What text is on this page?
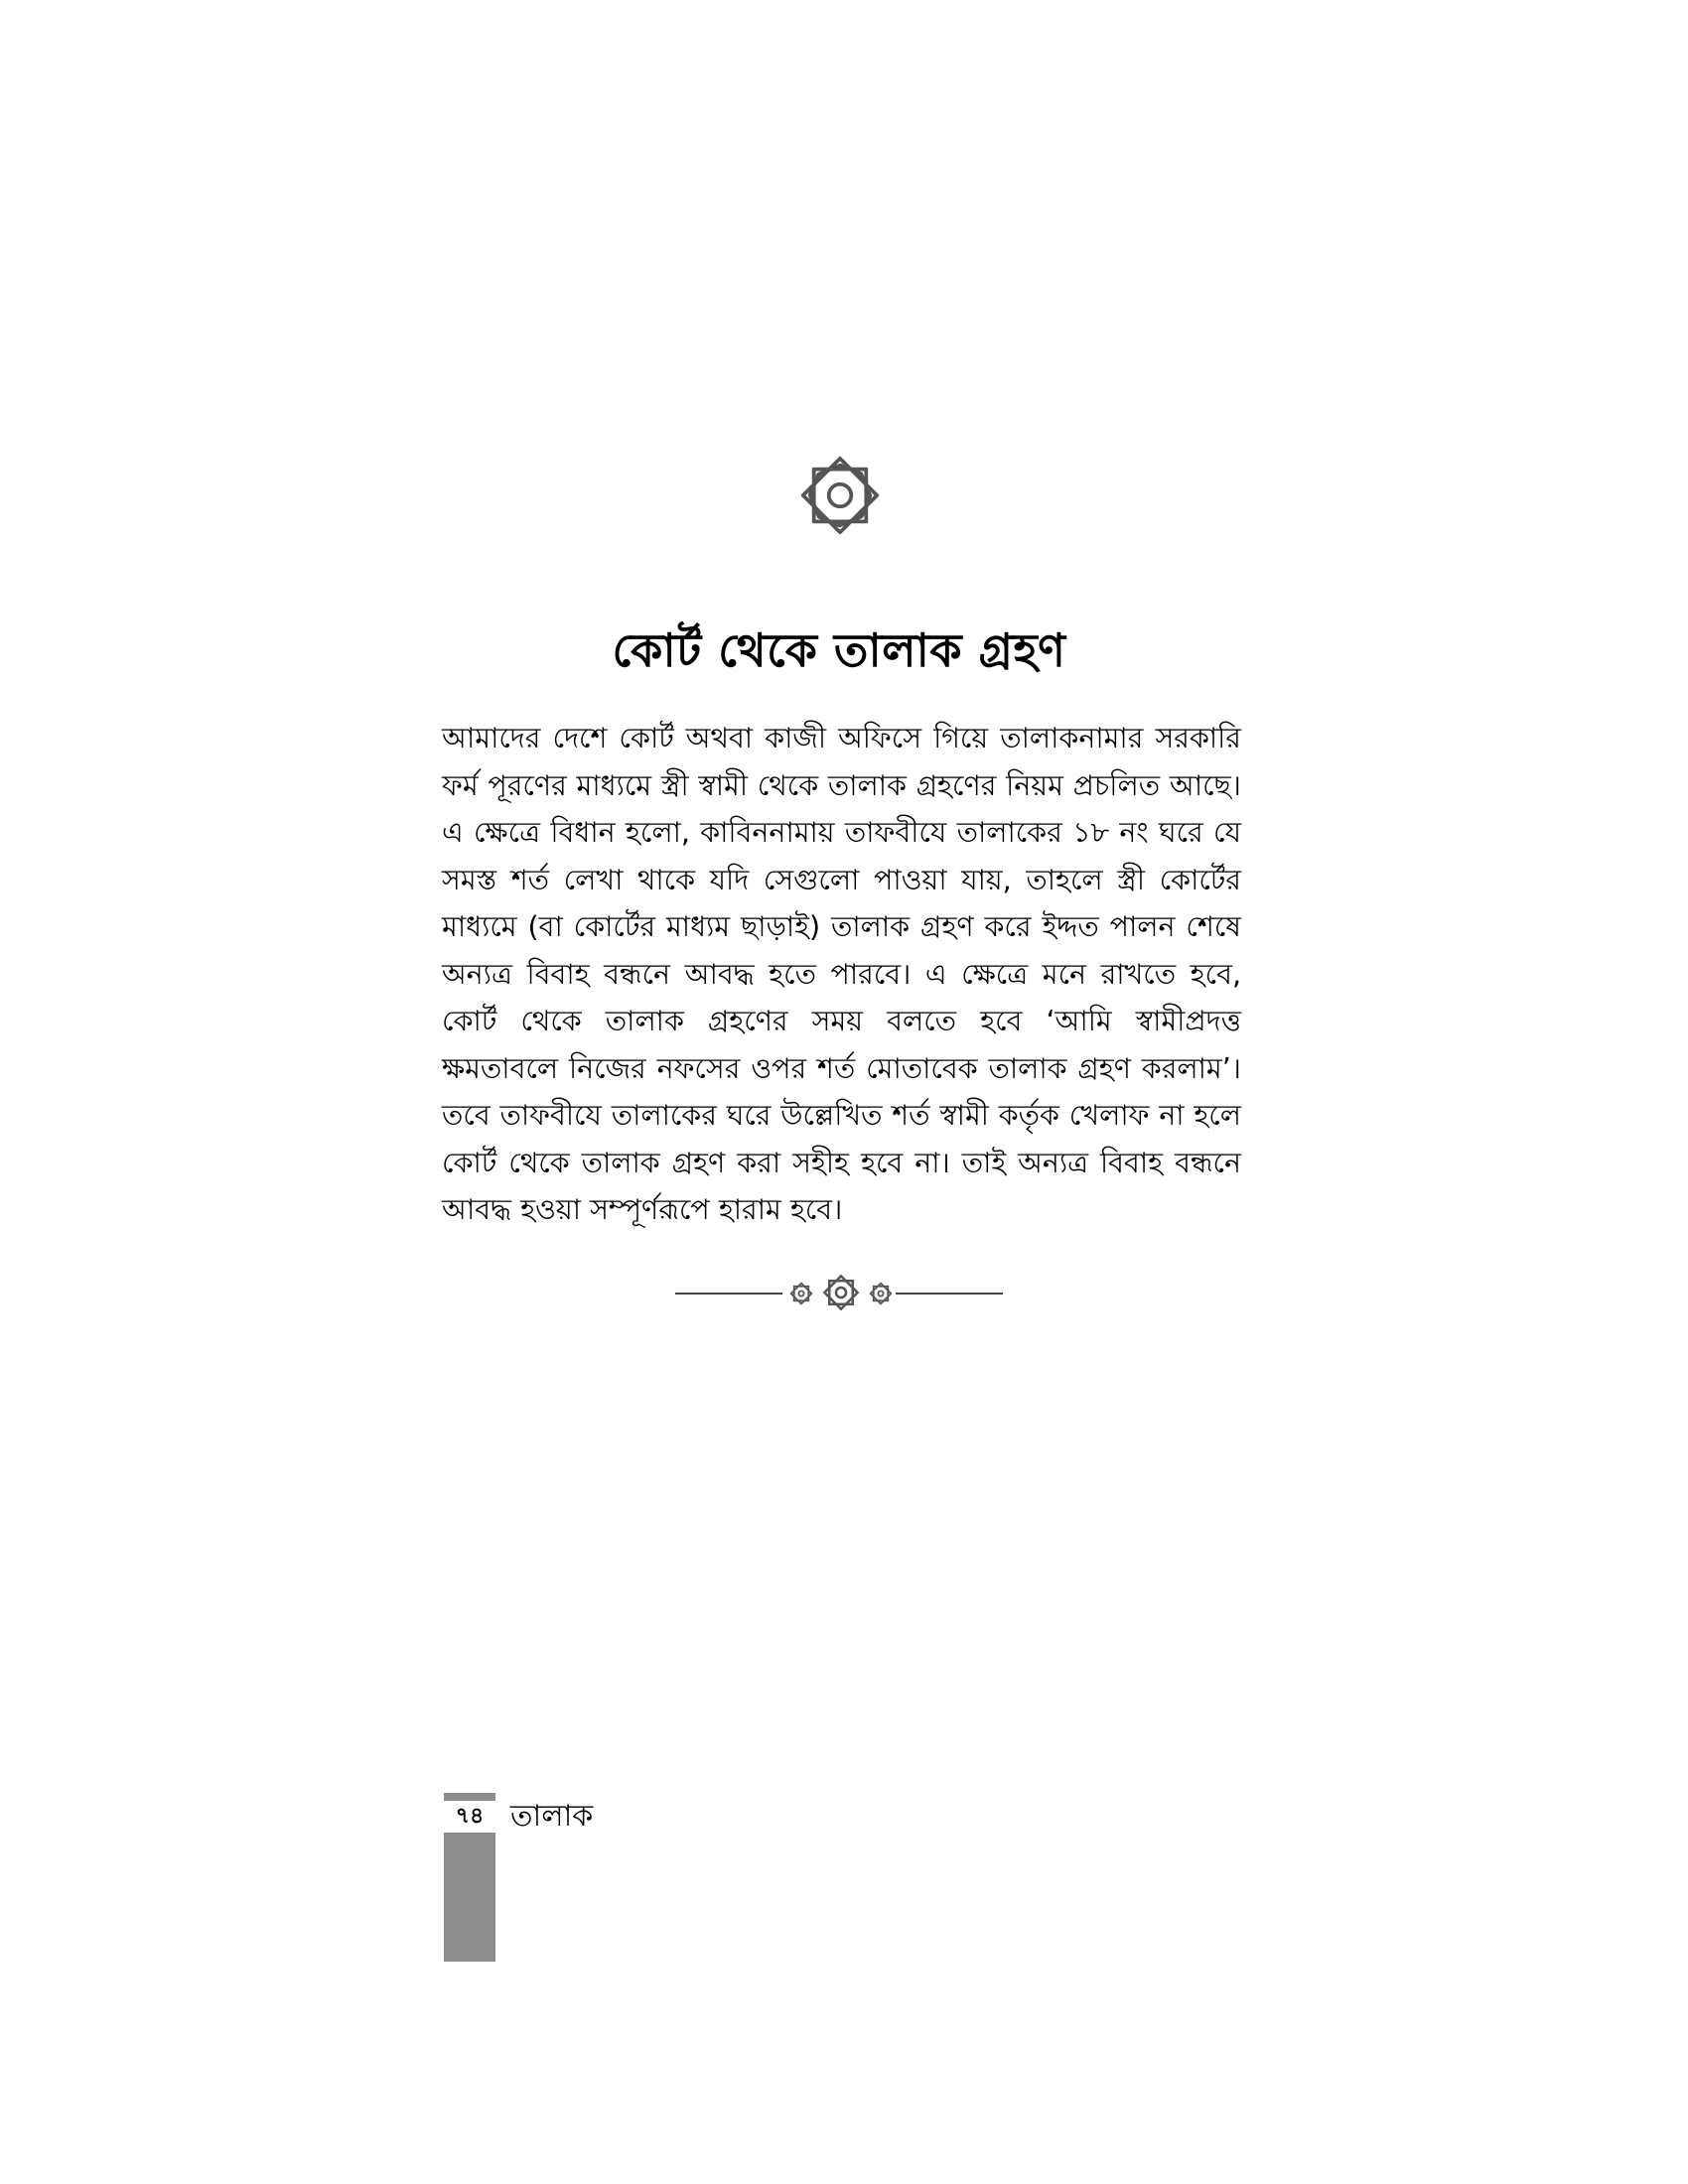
কোর্ট থেকে তালাক গ্রহণ

আমাদের দেশে কোর্ট অথবা কাজী অফিসে গিয়ে তালাকনামার সরকারি ফর্ম পূরণের মাধ্যমে স্ত্রী স্বামী থেকে তালাক গ্রহণের নিয়ম প্রচলিত আছে। এ ক্ষেত্রে বিধান হলো, কাবিননামায় তাফবীযে তালাকের ১৮ নং ঘরে যে সমস্ত শর্ত লেখা থাকে যদি সেগুলো পাওয়া যায়, তাহলে স্ত্রী কোর্টের মাধ্যমে (বা কোর্টের মাধ্যম ছাড়াই) তালাক গ্রহণ করে ইদ্দত পালন শেষে অন্যত্র বিবাহ বন্ধনে আবদ্ধ হতে পারবে। এ ক্ষেত্রে মনে রাখতে হবে, কোর্ট থেকে তালাক গ্রহণের সময় বলতে হবে ‘আমি স্বামীপ্রদত্ত ক্ষমতাবলে নিজের নফসের ওপর শর্ত মোতাবেক তালাক গ্রহণ করলাম’। তবে তাফবীযে তালাকের ঘরে উল্লেখিত শর্ত স্বামী কর্তৃক খেলাফ না হলে কোর্ট থেকে তালাক গ্রহণ করা সহীহ হবে না। তাই অন্যত্র বিবাহ বন্ধনে আবদ্ধ হওয়া সম্পূর্ণরূপে হারাম হবে।

৭৪ তালাক
